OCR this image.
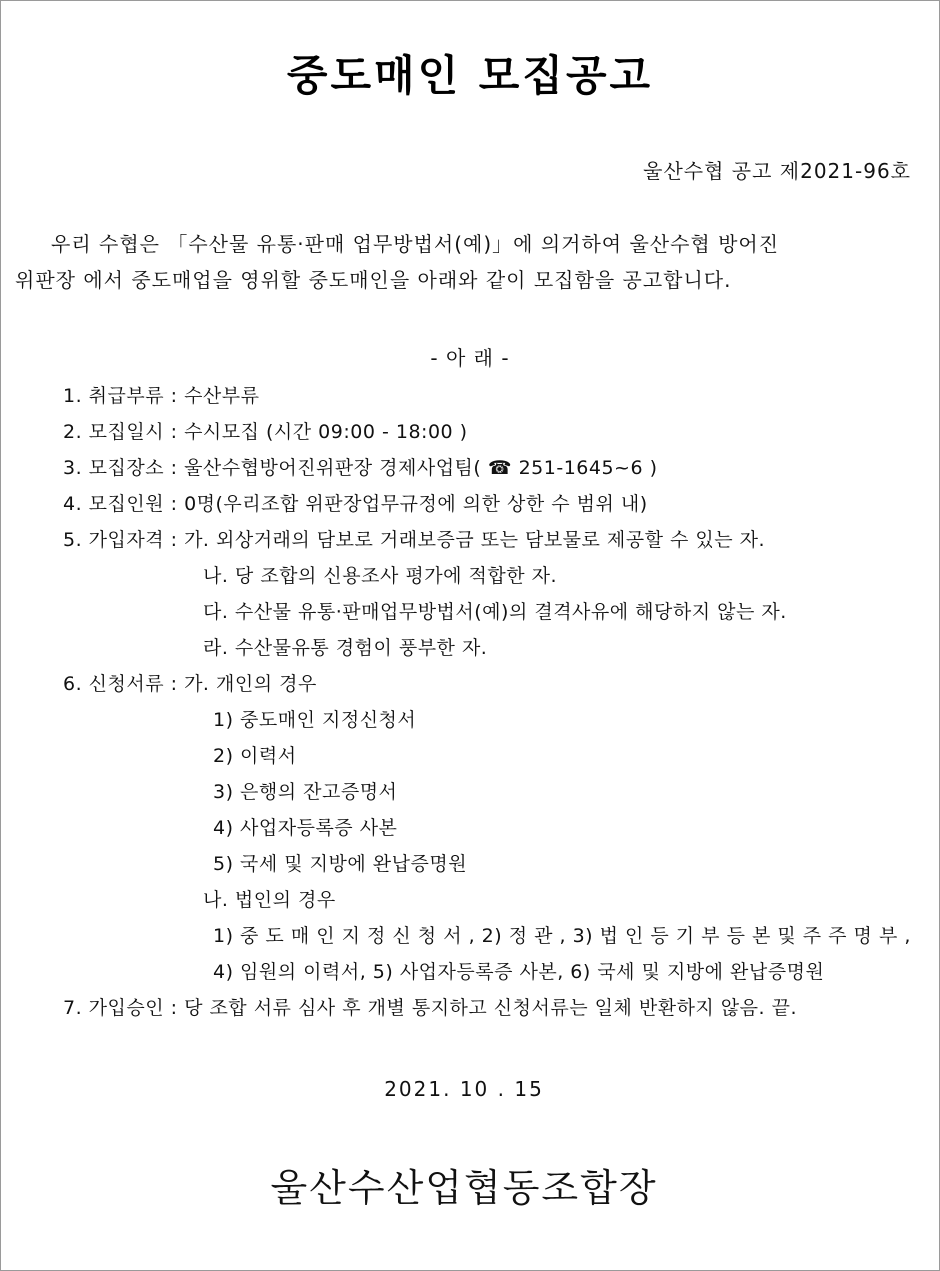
중도매인 모집공고
울산수협 공고 제2021-96호
우리 수협은 「수산물 유통·판매 업무방법서(예)」에 의거하여 울산수협 방어진
위판장 에서 중도매업을 영위할 중도매인을 아래와 같이 모집함을 공고합니다.
- 아 래 -
1. 취급부류 : 수산부류
2. 모집일시 : 수시모집 (시간 09:00 - 18:00 )
3. 모집장소 : 울산수협방어진위판장 경제사업팀( ☎ 251-1645~6 )
4. 모집인원 : 0명(우리조합 위판장업무규정에 의한 상한 수 범위 내)
5. 가입자격 : 가. 외상거래의 담보로 거래보증금 또는 담보물로 제공할 수 있는 자.
나. 당 조합의 신용조사 평가에 적합한 자.
다. 수산물 유통·판매업무방법서(예)의 결격사유에 해당하지 않는 자.
라. 수산물유통 경험이 풍부한 자.
6. 신청서류 : 가. 개인의 경우
1) 중도매인 지정신청서
2) 이력서
3) 은행의 잔고증명서
4) 사업자등록증 사본
5) 국세 및 지방에 완납증명원
나. 법인의 경우
1) 중 도 매 인 지 정 신 청 서 , 2) 정 관 , 3) 법 인 등 기 부 등 본 및 주 주 명 부 ,
4) 임원의 이력서, 5) 사업자등록증 사본, 6) 국세 및 지방에 완납증명원
7. 가입승인 : 당 조합 서류 심사 후 개별 통지하고 신청서류는 일체 반환하지 않음. 끝.
2021. 10 . 15
울산수산업협동조합장
